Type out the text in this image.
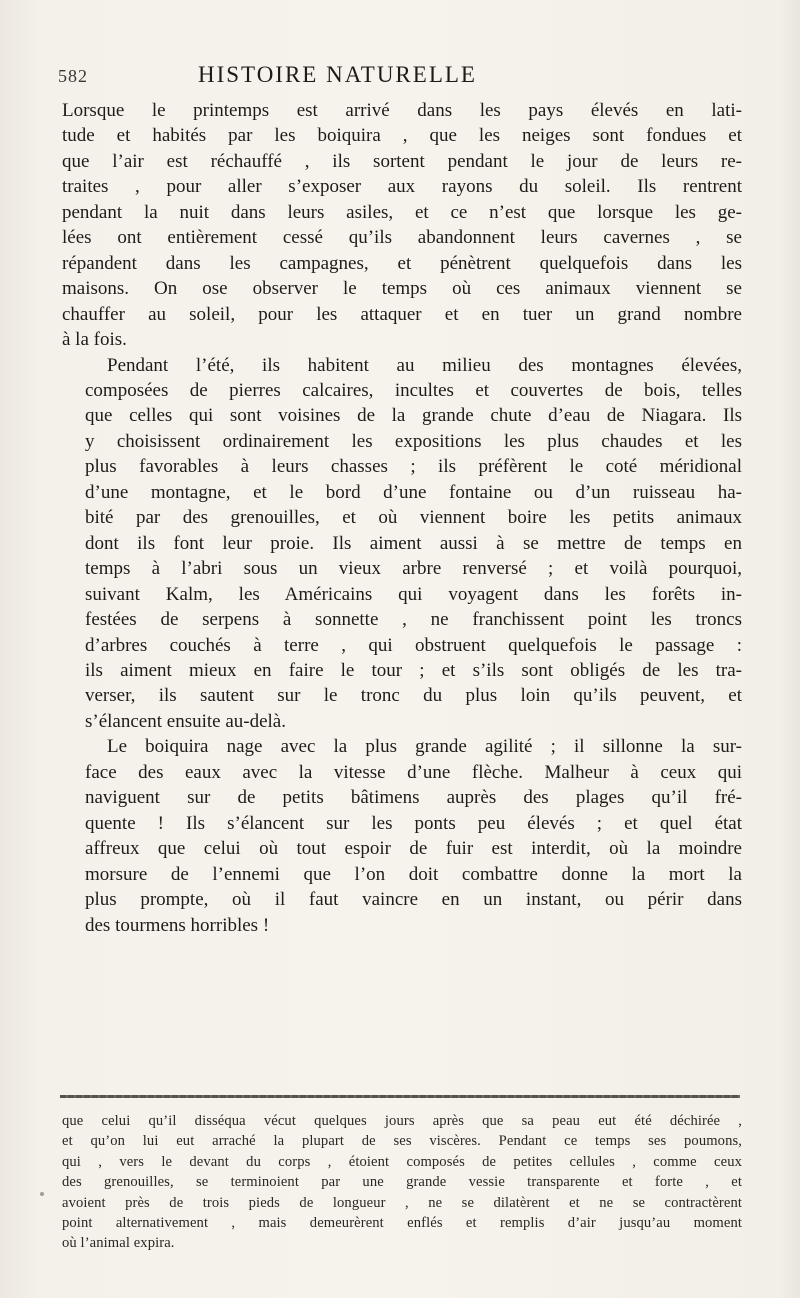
582	HISTOIRE NATURELLE

Lorsque le printemps est arrivé dans les pays élevés en lati-
tude et habités par les boiquira , que les neiges sont fondues et
que l’air est réchauffé , ils sortent pendant le jour de leurs re-
traites , pour aller s’exposer aux rayons du soleil. Ils rentrent
pendant la nuit dans leurs asiles, et ce n’est que lorsque les ge-
lées ont entièrement cessé qu’ils abandonnent leurs cavernes , se
répandent dans les campagnes, et pénètrent quelquefois dans les
maisons. On ose observer le temps où ces animaux viennent se
chauffer au soleil, pour les attaquer et en tuer un grand nombre
à la fois.

Pendant l’été, ils habitent au milieu des montagnes élevées,
composées de pierres calcaires, incultes et couvertes de bois, telles
que celles qui sont voisines de la grande chute d’eau de Niagara. Ils
y choisissent ordinairement les expositions les plus chaudes et les
plus favorables à leurs chasses ; ils préfèrent le coté méridional
d’une montagne, et le bord d’une fontaine ou d’un ruisseau ha-
bité par des grenouilles, et où viennent boire les petits animaux
dont ils font leur proie. Ils aiment aussi à se mettre de temps en
temps à l’abri sous un vieux arbre renversé ; et voilà pourquoi,
suivant Kalm, les Américains qui voyagent dans les forêts in-
festées de serpens à sonnette , ne franchissent point les troncs
d’arbres couchés à terre , qui obstruent quelquefois le passage :
ils aiment mieux en faire le tour ; et s’ils sont obligés de les tra-
verser, ils sautent sur le tronc du plus loin qu’ils peuvent, et
s’élancent ensuite au-delà.

Le boiquira nage avec la plus grande agilité ; il sillonne la sur-
face des eaux avec la vitesse d’une flèche. Malheur à ceux qui
naviguent sur de petits bâtimens auprès des plages qu’il fré-
quente ! Ils s’élancent sur les ponts peu élevés ; et quel état
affreux que celui où tout espoir de fuir est interdit, où la moindre
morsure de l’ennemi que l’on doit combattre donne la mort la
plus prompte, où il faut vaincre en un instant, ou périr dans
des tourmens horribles !

que celui qu’il disséqua vécut quelques jours après que sa peau eut été déchirée ,
et qu’on lui eut arraché la plupart de ses viscères. Pendant ce temps ses poumons,
qui , vers le devant du corps , étoient composés de petites cellules , comme ceux
des grenouilles, se terminoient par une grande vessie transparente et forte , et
avoient près de trois pieds de longueur , ne se dilatèrent et ne se contractèrent
point alternativement , mais demeurèrent enflés et remplis d’air jusqu’au moment
où l’animal expira.
